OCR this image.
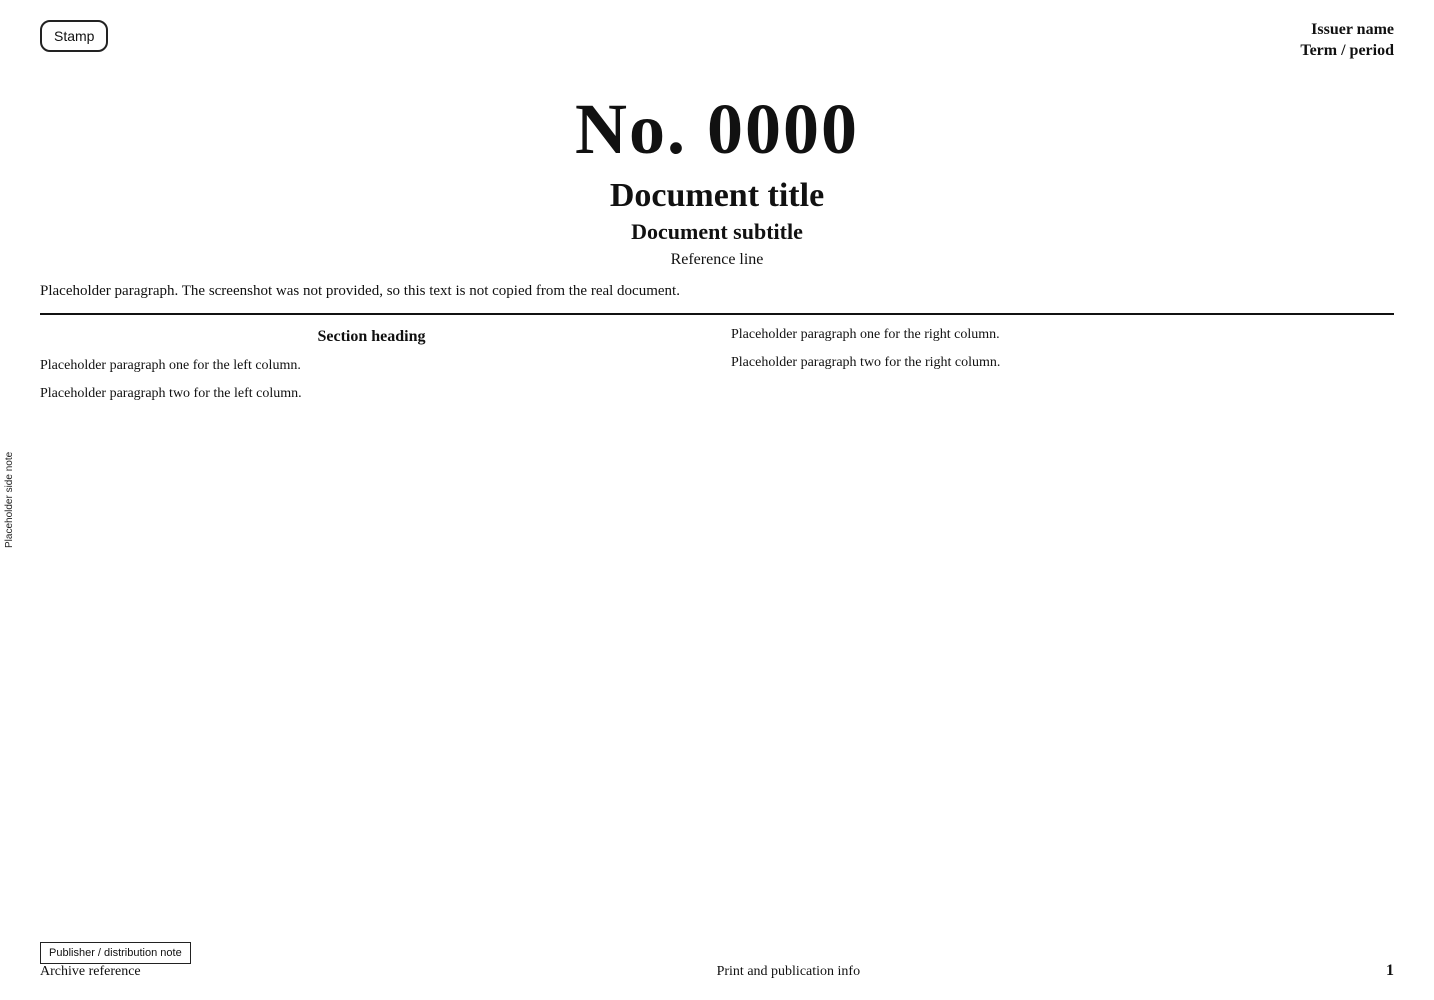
Placeholder side note
Stamp	Issuer name
Term / period
No. 0000
Document title
Document subtitle
Reference line

Placeholder paragraph. The screenshot was not provided, so this text is not copied from the real document.

Section heading

Placeholder paragraph one for the left column.

Placeholder paragraph two for the left column.

Placeholder paragraph one for the right column.

Placeholder paragraph two for the right column.

Publisher / distribution note
Archive reference	Print and publication info	1
